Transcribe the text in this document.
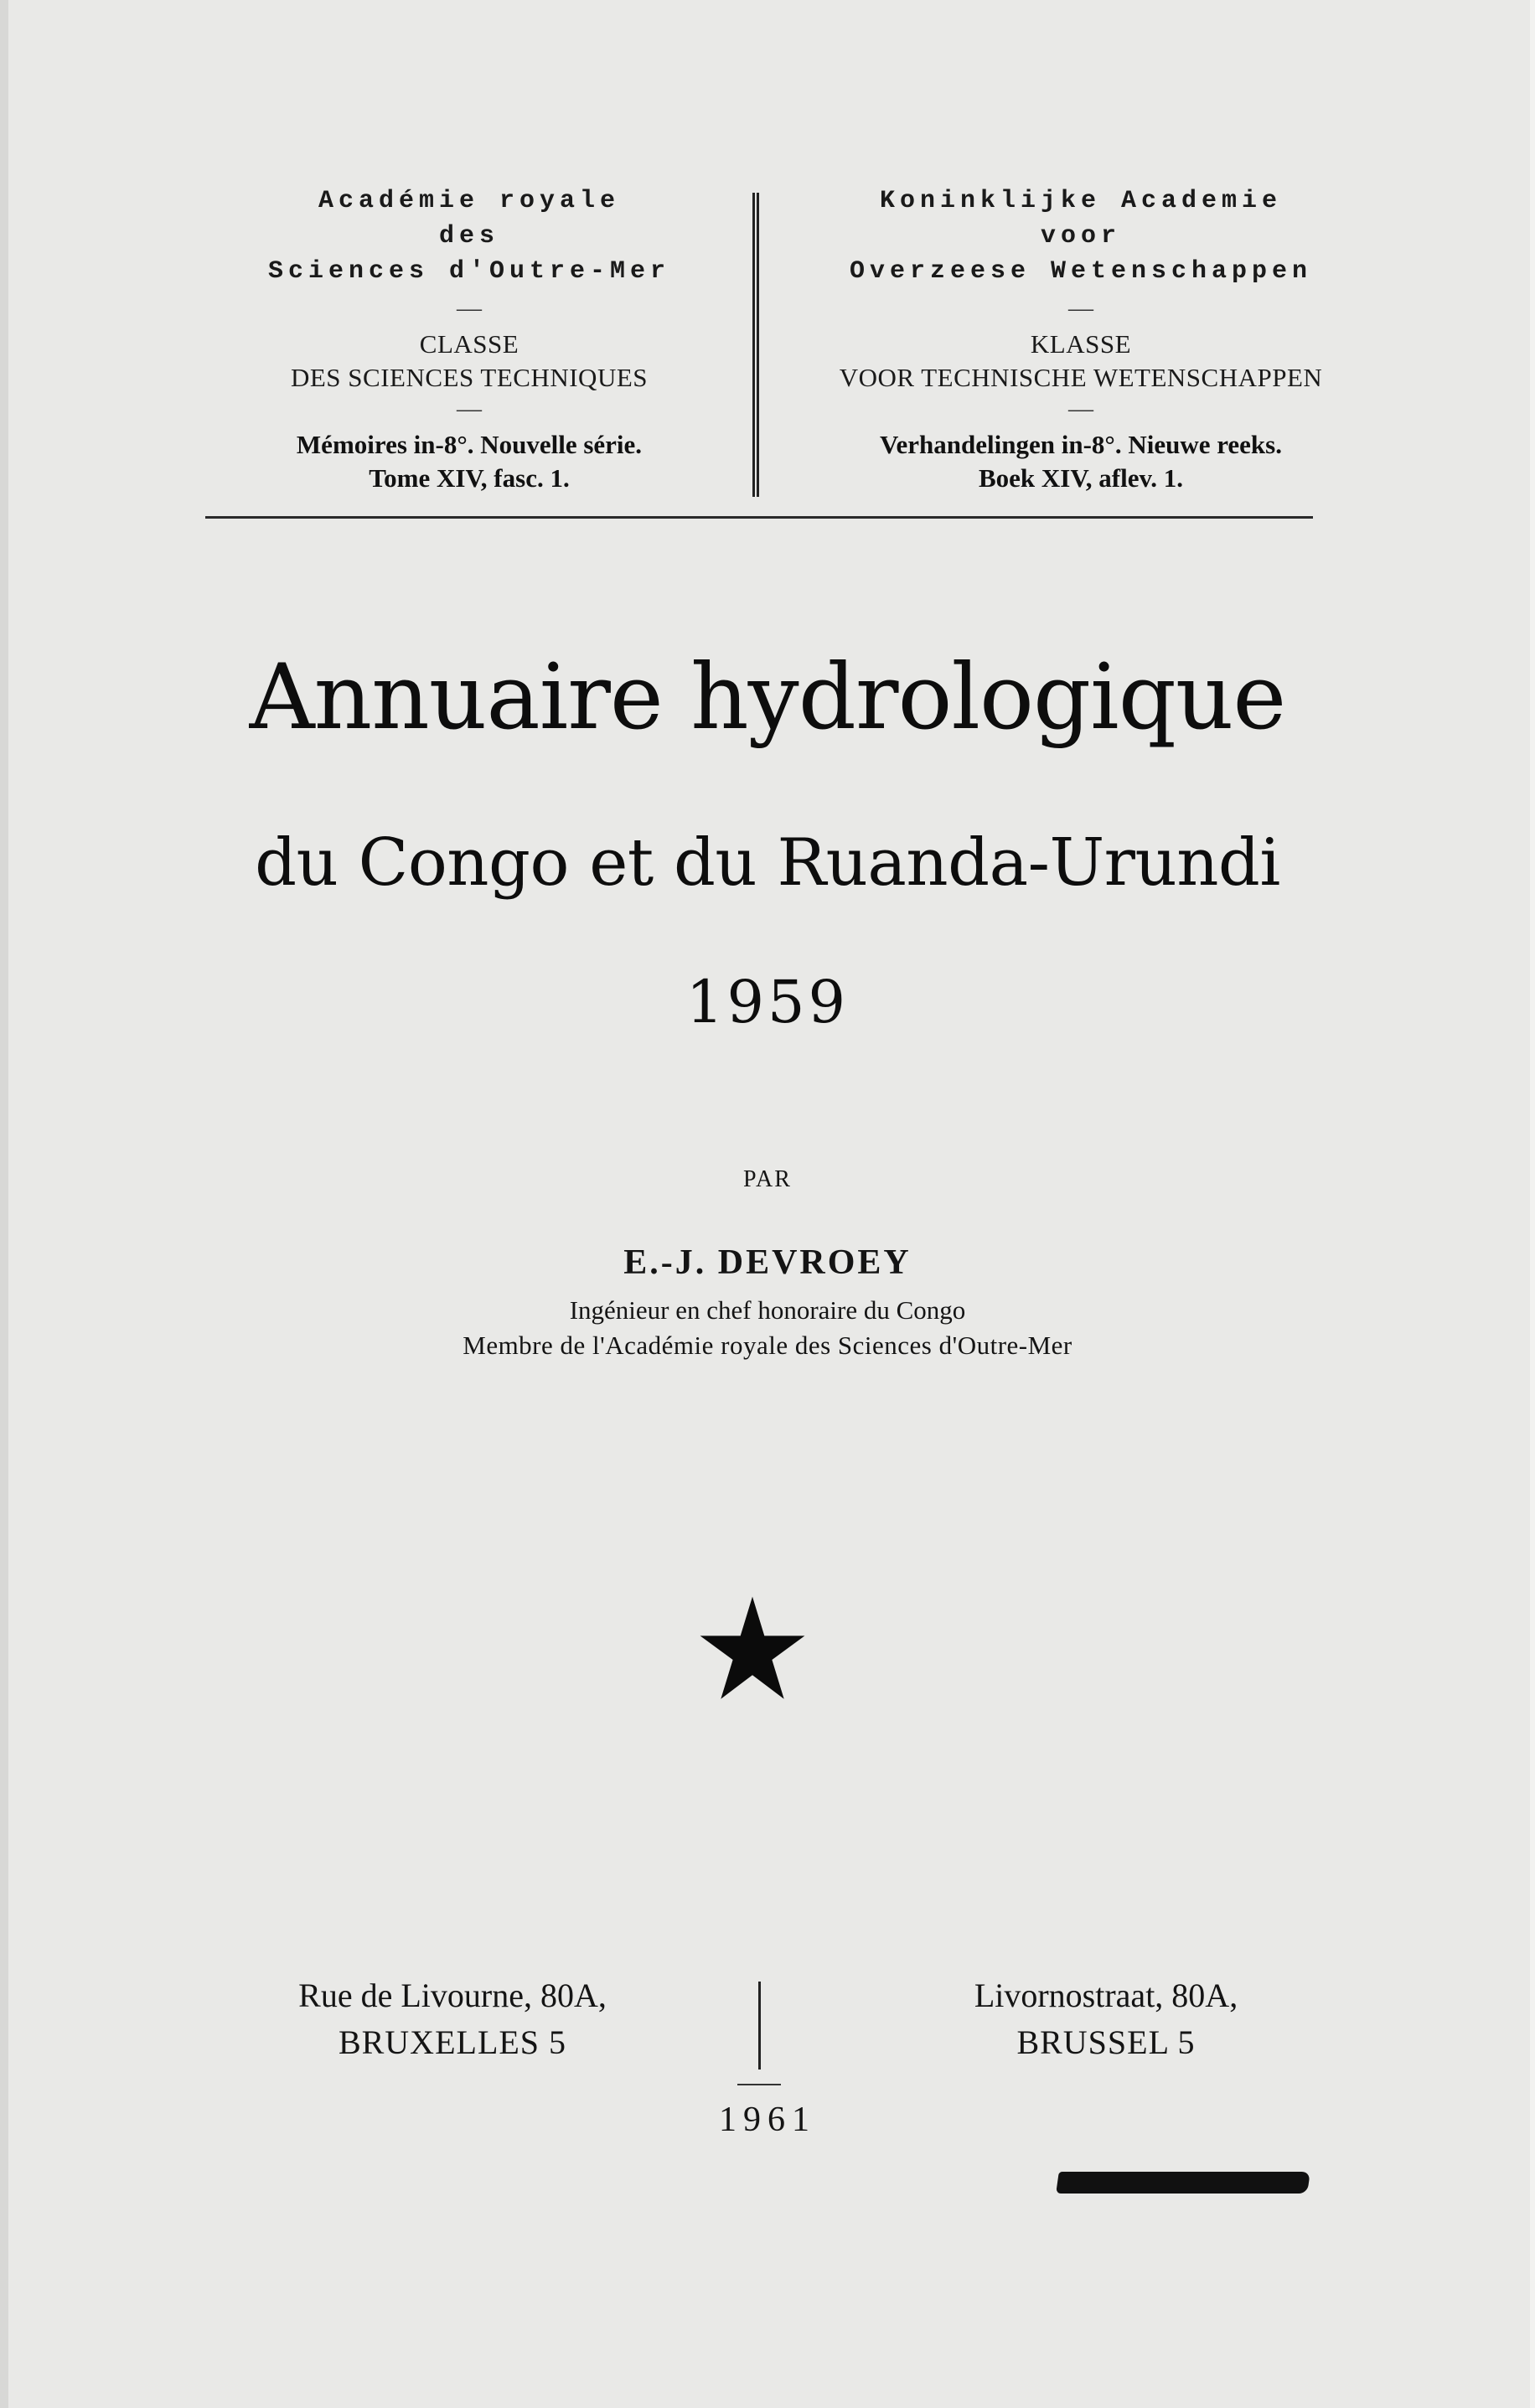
Académie royale
des
Sciences d'Outre-Mer
—
CLASSE
DES SCIENCES TECHNIQUES
—
Mémoires in-8°. Nouvelle série.
Tome XIV, fasc. 1.
Koninklijke Academie
voor
Overzeese Wetenschappen
—
KLASSE
VOOR TECHNISCHE WETENSCHAPPEN
—
Verhandelingen in-8°. Nieuwe reeks.
Boek XIV, aflev. 1.
Annuaire hydrologique
du Congo et du Ruanda-Urundi
1959
PAR
E.-J. DEVROEY
Ingénieur en chef honoraire du Congo
Membre de l'Académie royale des Sciences d'Outre-Mer
Rue de Livourne, 80A,
BRUXELLES 5
Livornostraat, 80A,
BRUSSEL 5
1961
